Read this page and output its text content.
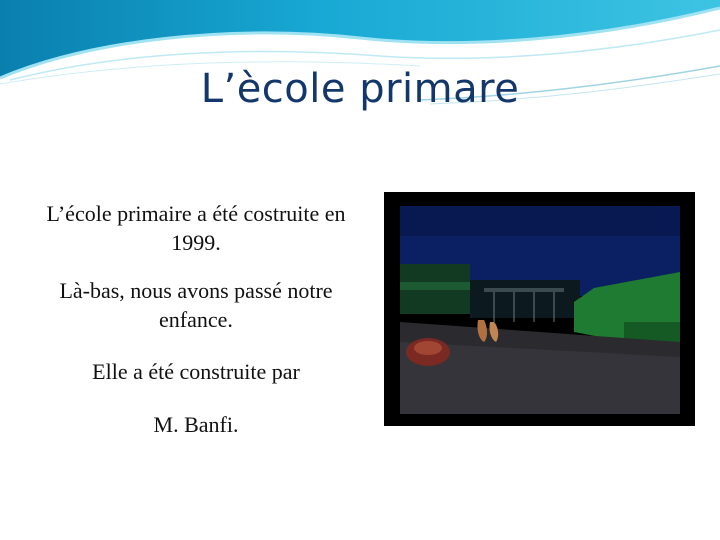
L’ècole primare

L’école primaire a été costruite en 1999.

Là-bas, nous avons passé notre enfance.

Elle a été construite par

M. Banfi.
